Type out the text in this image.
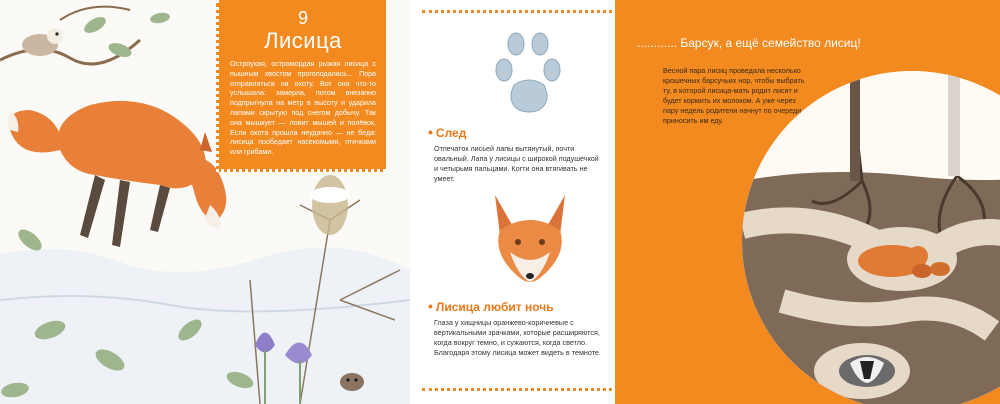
9
Лисица

Остроухая, остромордая рыжая лисица с пышным хвостом проголодалась... Пора отправляться на охоту. Вот она что-то услышала: замерла, потом внезапно подпрыгнула на метр в высоту и ударила лапами скрытую под снегом добычу. Так она мышкует — ловит мышей и полёвок. Если охота прошла неудачно — не беда: лисица пообедает насекомыми, птичками или грибами.

• След

Отпечаток лисьей лапы вытянутый, почти овальный. Лапа у лисицы с широкой подушечкой и четырьмя пальцами. Когти она втягивать не умеет.

• Лисица любит ночь

Глаза у хищницы оранжево-коричневые с вертикальными зрачками, которые расширяются, когда вокруг темно, и сужаются, когда светло. Благодаря этому лисица может видеть в темноте.

............ Барсук, а ещё семейство лисиц!

Весной пара лисиц проведала несколько крошечных барсучьих нор, чтобы выбрать ту, в которой лисица-мать родит лисят и будет кормить их молоком. А уже через пару недель родители начнут по очереди приносить им еду.
